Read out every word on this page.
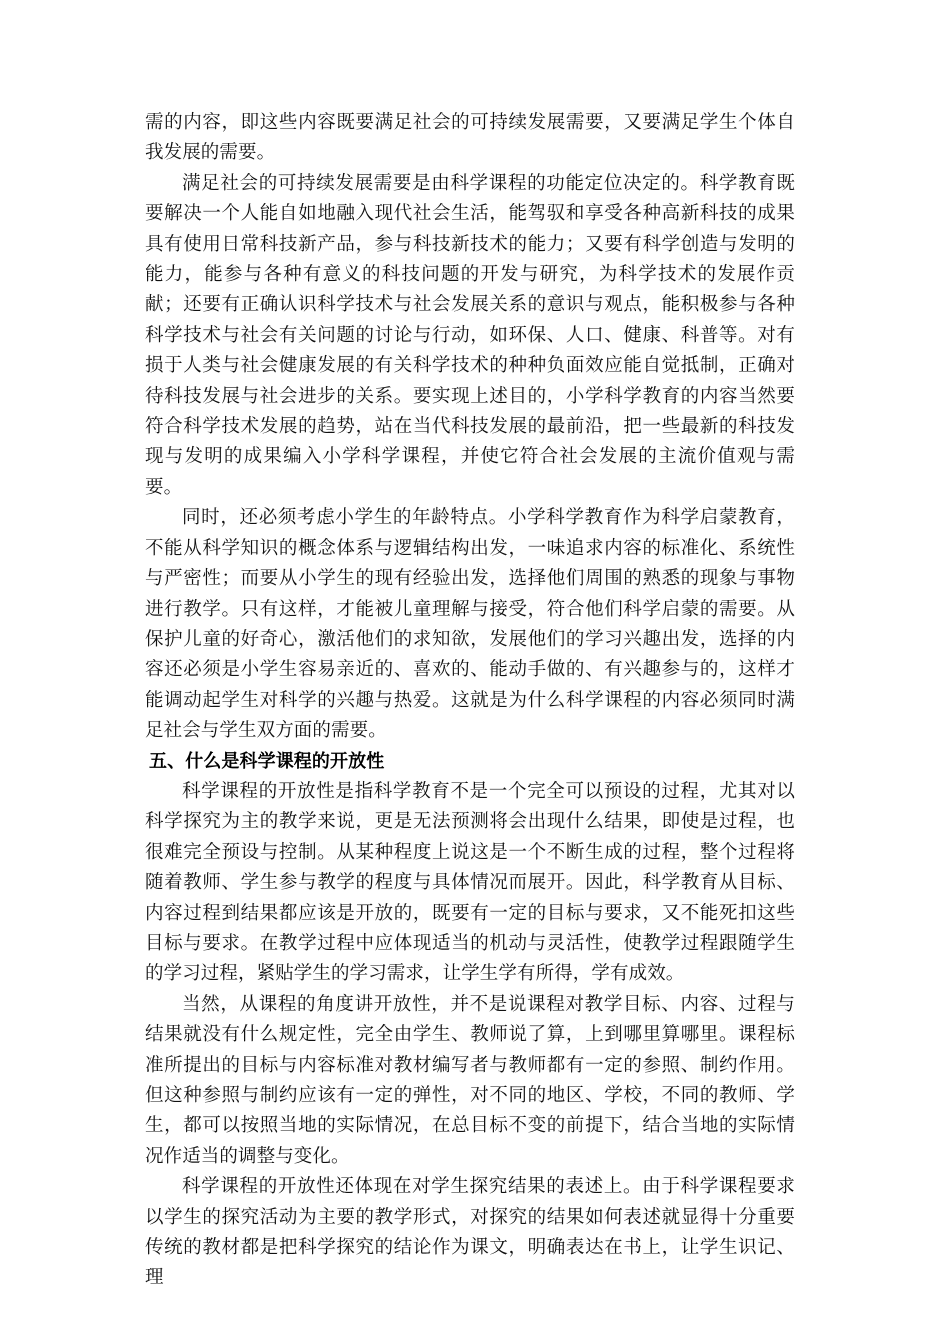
需的内容，即这些内容既要满足社会的可持续发展需要，又要满足学生个体自我发展的需要。

满足社会的可持续发展需要是由科学课程的功能定位决定的。科学教育既要解决一个人能自如地融入现代社会生活，能驾驭和享受各种高新科技的成果具有使用日常科技新产品，参与科技新技术的能力；又要有科学创造与发明的能力，能参与各种有意义的科技问题的开发与研究，为科学技术的发展作贡献；还要有正确认识科学技术与社会发展关系的意识与观点，能积极参与各种科学技术与社会有关问题的讨论与行动，如环保、人口、健康、科普等。对有损于人类与社会健康发展的有关科学技术的种种负面效应能自觉抵制，正确对待科技发展与社会进步的关系。要实现上述目的，小学科学教育的内容当然要符合科学技术发展的趋势，站在当代科技发展的最前沿，把一些最新的科技发现与发明的成果编入小学科学课程，并使它符合社会发展的主流价值观与需要。

同时，还必须考虑小学生的年龄特点。小学科学教育作为科学启蒙教育，不能从科学知识的概念体系与逻辑结构出发，一味追求内容的标准化、系统性与严密性；而要从小学生的现有经验出发，选择他们周围的熟悉的现象与事物进行教学。只有这样，才能被儿童理解与接受，符合他们科学启蒙的需要。从保护儿童的好奇心，激活他们的求知欲，发展他们的学习兴趣出发，选择的内容还必须是小学生容易亲近的、喜欢的、能动手做的、有兴趣参与的，这样才能调动起学生对科学的兴趣与热爱。这就是为什么科学课程的内容必须同时满足社会与学生双方面的需要。

五、什么是科学课程的开放性

科学课程的开放性是指科学教育不是一个完全可以预设的过程，尤其对以科学探究为主的教学来说，更是无法预测将会出现什么结果，即使是过程，也很难完全预设与控制。从某种程度上说这是一个不断生成的过程，整个过程将随着教师、学生参与教学的程度与具体情况而展开。因此，科学教育从目标、内容过程到结果都应该是开放的，既要有一定的目标与要求，又不能死扣这些目标与要求。在教学过程中应体现适当的机动与灵活性，使教学过程跟随学生的学习过程，紧贴学生的学习需求，让学生学有所得，学有成效。

当然，从课程的角度讲开放性，并不是说课程对教学目标、内容、过程与结果就没有什么规定性，完全由学生、教师说了算，上到哪里算哪里。课程标准所提出的目标与内容标准对教材编写者与教师都有一定的参照、制约作用。但这种参照与制约应该有一定的弹性，对不同的地区、学校，不同的教师、学生，都可以按照当地的实际情况，在总目标不变的前提下，结合当地的实际情况作适当的调整与变化。

科学课程的开放性还体现在对学生探究结果的表述上。由于科学课程要求以学生的探究活动为主要的教学形式，对探究的结果如何表述就显得十分重要传统的教材都是把科学探究的结论作为课文，明确表达在书上，让学生识记、理
